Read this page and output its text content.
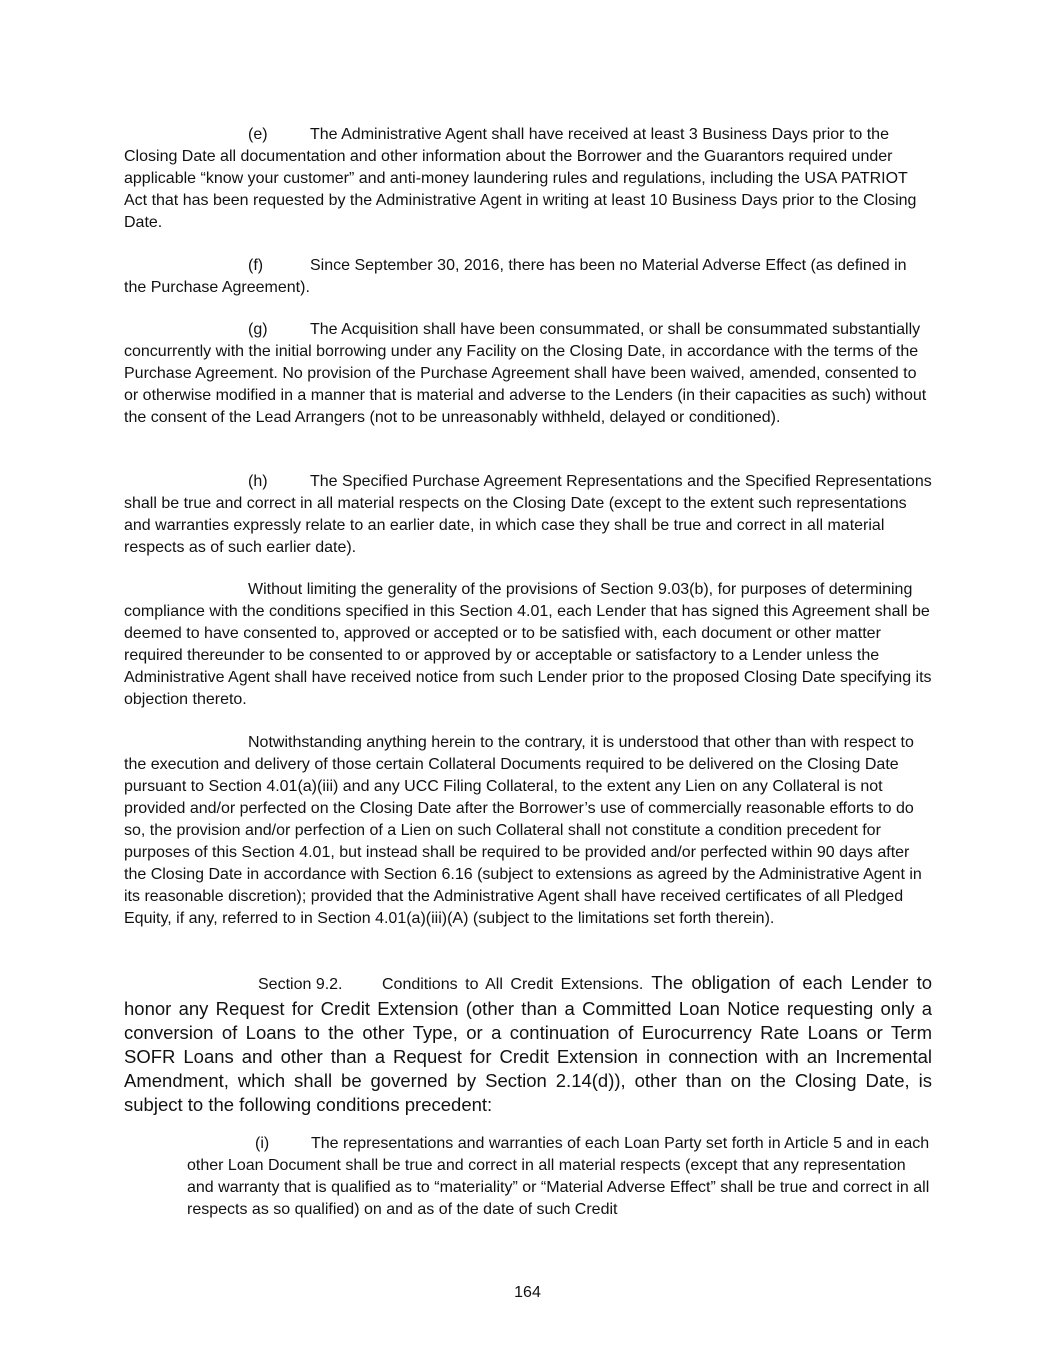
(e)	The Administrative Agent shall have received at least 3 Business Days prior to the Closing Date all documentation and other information about the Borrower and the Guarantors required under applicable “know your customer” and anti-money laundering rules and regulations, including the USA PATRIOT Act that has been requested by the Administrative Agent in writing at least 10 Business Days prior to the Closing Date.

(f)	Since September 30, 2016, there has been no Material Adverse Effect (as defined in the Purchase Agreement).

(g)	The Acquisition shall have been consummated, or shall be consummated substantially concurrently with the initial borrowing under any Facility on the Closing Date, in accordance with the terms of the Purchase Agreement. No provision of the Purchase Agreement shall have been waived, amended, consented to or otherwise modified in a manner that is material and adverse to the Lenders (in their capacities as such) without the consent of the Lead Arrangers (not to be unreasonably withheld, delayed or conditioned).

(h)	The Specified Purchase Agreement Representations and the Specified Representations shall be true and correct in all material respects on the Closing Date (except to the extent such representations and warranties expressly relate to an earlier date, in which case they shall be true and correct in all material respects as of such earlier date).

Without limiting the generality of the provisions of Section 9.03(b), for purposes of determining compliance with the conditions specified in this Section 4.01, each Lender that has signed this Agreement shall be deemed to have consented to, approved or accepted or to be satisfied with, each document or other matter required thereunder to be consented to or approved by or acceptable or satisfactory to a Lender unless the Administrative Agent shall have received notice from such Lender prior to the proposed Closing Date specifying its objection thereto.

Notwithstanding anything herein to the contrary, it is understood that other than with respect to the execution and delivery of those certain Collateral Documents required to be delivered on the Closing Date pursuant to Section 4.01(a)(iii) and any UCC Filing Collateral, to the extent any Lien on any Collateral is not provided and/or perfected on the Closing Date after the Borrower’s use of commercially reasonable efforts to do so, the provision and/or perfection of a Lien on such Collateral shall not constitute a condition precedent for purposes of this Section 4.01, but instead shall be required to be provided and/or perfected within 90 days after the Closing Date in accordance with Section 6.16 (subject to extensions as agreed by the Administrative Agent in its reasonable discretion); provided that the Administrative Agent shall have received certificates of all Pledged Equity, if any, referred to in Section 4.01(a)(iii)(A) (subject to the limitations set forth therein).

Section 9.2. Conditions to All Credit Extensions. The obligation of each Lender to honor any Request for Credit Extension (other than a Committed Loan Notice requesting only a conversion of Loans to the other Type, or a continuation of Eurocurrency Rate Loans or Term SOFR Loans and other than a Request for Credit Extension in connection with an Incremental Amendment, which shall be governed by Section 2.14(d)), other than on the Closing Date, is subject to the following conditions precedent:

(i)	The representations and warranties of each Loan Party set forth in Article 5 and in each other Loan Document shall be true and correct in all material respects (except that any representation and warranty that is qualified as to “materiality” or “Material Adverse Effect” shall be true and correct in all respects as so qualified) on and as of the date of such Credit

164
